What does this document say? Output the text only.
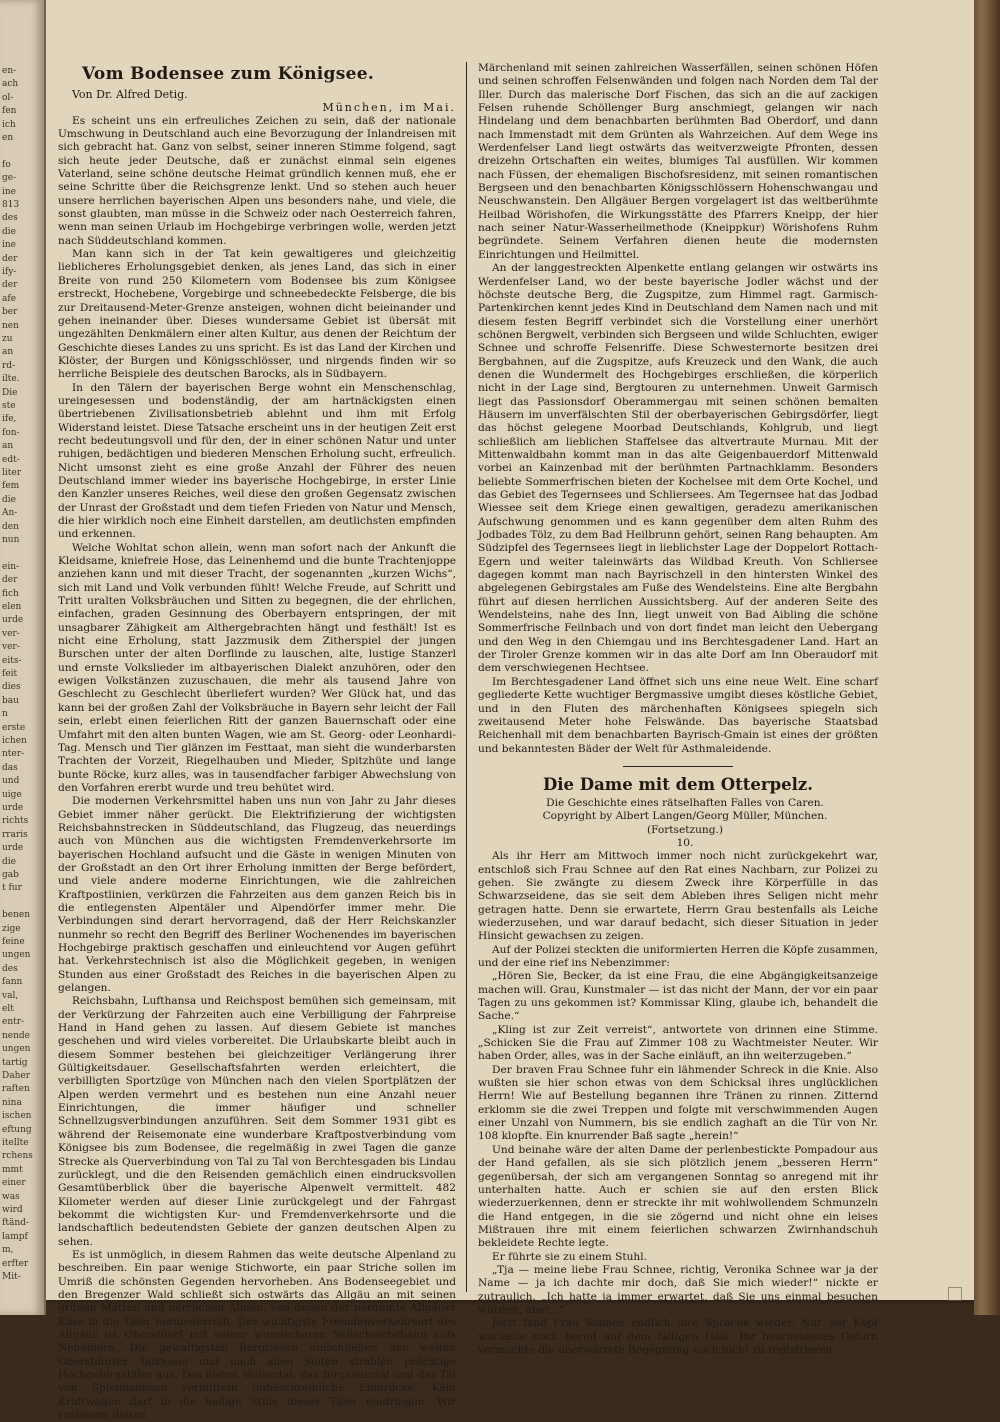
en-
ach
ol-
fen
ich
en
fo
ge-
ine
813
des
die
ine
der
ify-
der
afe
ber
nen
zu
an
rd-
ilte.
Die
ste
ife,
fon-
an
edt-
liter
fem
die
An-
den
nun
ein-
der
fich
elen
urde
ver-
ver-
eits-
feit
dies
bau
n
erste
ichen
nter-
das
und
uige
urde
richts
rraris
urde
die
gab
t fur
benen
zige
feine
ungen
des
fann
val,
elt
entr-
nende
ungen
tartig
Daher
raften
nina
ischen
eftung
itellte
rchens
mmt
einer
was
wird
ftänd-
lampf
m,
erfter
Mit-
Vom Bodensee zum Königsee.

Von Dr. Alfred Detig.

München, im Mai.

Es scheint uns ein erfreuliches Zeichen zu sein, daß der nationale Umschwung in Deutschland auch eine Bevorzugung der Inlandreisen mit sich gebracht hat. Ganz von selbst, seiner inneren Stimme folgend, sagt sich heute jeder Deutsche, daß er zunächst einmal sein eigenes Vaterland, seine schöne deutsche Heimat gründlich kennen muß, ehe er seine Schritte über die Reichsgrenze lenkt. Und so stehen auch heuer unsere herrlichen bayerischen Alpen uns besonders nahe, und viele, die sonst glaubten, man müsse in die Schweiz oder nach Oesterreich fahren, wenn man seinen Urlaub im Hochgebirge verbringen wolle, werden jetzt nach Süddeutschland kommen.

Man kann sich in der Tat kein gewaltigeres und gleichzeitig lieblicheres Erholungsgebiet denken, als jenes Land, das sich in einer Breite von rund 250 Kilometern vom Bodensee bis zum Königsee erstreckt, Hochebene, Vorgebirge und schneebedeckte Felsberge, die bis zur Dreitausend-Meter-Grenze ansteigen, wohnen dicht beieinander und gehen ineinander über. Dieses wundersame Gebiet ist übersät mit ungezählten Denkmälern einer alten Kultur, aus denen der Reichtum der Geschichte dieses Landes zu uns spricht. Es ist das Land der Kirchen und Klöster, der Burgen und Königsschlösser, und nirgends finden wir so herrliche Beispiele des deutschen Barocks, als in Südbayern.

In den Tälern der bayerischen Berge wohnt ein Menschenschlag, ureingesessen und bodenständig, der am hartnäckigsten einen übertriebenen Zivilisationsbetrieb ablehnt und ihm mit Erfolg Widerstand leistet. Diese Tatsache erscheint uns in der heutigen Zeit erst recht bedeutungsvoll und für den, der in einer schönen Natur und unter ruhigen, bedächtigen und biederen Menschen Erholung sucht, erfreulich. Nicht umsonst zieht es eine große Anzahl der Führer des neuen Deutschland immer wieder ins bayerische Hochgebirge, in erster Linie den Kanzler unseres Reiches, weil diese den großen Gegensatz zwischen der Unrast der Großstadt und dem tiefen Frieden von Natur und Mensch, die hier wirklich noch eine Einheit darstellen, am deutlichsten empfinden und erkennen.

Welche Wohltat schon allein, wenn man sofort nach der Ankunft die Kleidsame, kniefreie Hose, das Leinenhemd und die bunte Trachtenjoppe anziehen kann und mit dieser Tracht, der sogenannten „kurzen Wichs“, sich mit Land und Volk verbunden fühlt! Welche Freude, auf Schritt und Tritt uralten Volksbräuchen und Sitten zu begegnen, die der ehrlichen, einfachen, graden Gesinnung des Oberbayern entspringen, der mit unsagbarer Zähigkeit am Althergebrachten hängt und festhält! Ist es nicht eine Erholung, statt Jazzmusik dem Zitherspiel der jungen Burschen unter der alten Dorflinde zu lauschen, alte, lustige Stanzerl und ernste Volkslieder im altbayerischen Dialekt anzuhören, oder den ewigen Volkstänzen zuzuschauen, die mehr als tausend Jahre von Geschlecht zu Geschlecht überliefert wurden? Wer Glück hat, und das kann bei der großen Zahl der Volksbräuche in Bayern sehr leicht der Fall sein, erlebt einen feierlichen Ritt der ganzen Bauernschaft oder eine Umfahrt mit den alten bunten Wagen, wie am St. Georg- oder Leonhardi-Tag. Mensch und Tier glänzen im Festtaat, man sieht die wunderbarsten Trachten der Vorzeit, Riegelhauben und Mieder, Spitzhüte und lange bunte Röcke, kurz alles, was in tausendfacher farbiger Abwechslung von den Vorfahren ererbt wurde und treu behütet wird.

Die modernen Verkehrsmittel haben uns nun von Jahr zu Jahr dieses Gebiet immer näher gerückt. Die Elektrifizierung der wichtigsten Reichsbahnstrecken in Süddeutschland, das Flugzeug, das neuerdings auch von München aus die wichtigsten Fremdenverkehrsorte im bayerischen Hochland aufsucht und die Gäste in wenigen Minuten von der Großstadt an den Ort ihrer Erholung inmitten der Berge befördert, und viele andere moderne Einrichtungen, wie die zahlreichen Kraftpostlinien, verkürzen die Fahrzeiten aus dem ganzen Reich bis in die entlegensten Alpentäler und Alpendörfer immer mehr. Die Verbindungen sind derart hervorragend, daß der Herr Reichskanzler nunmehr so recht den Begriff des Berliner Wochenendes im bayerischen Hochgebirge praktisch geschaffen und einleuchtend vor Augen geführt hat. Verkehrstechnisch ist also die Möglichkeit gegeben, in wenigen Stunden aus einer Großstadt des Reiches in die bayerischen Alpen zu gelangen.

Reichsbahn, Lufthansa und Reichspost bemühen sich gemeinsam, mit der Verkürzung der Fahrzeiten auch eine Verbilligung der Fahrpreise Hand in Hand gehen zu lassen. Auf diesem Gebiete ist manches geschehen und wird vieles vorbereitet. Die Urlaubskarte bleibt auch in diesem Sommer bestehen bei gleichzeitiger Verlängerung ihrer Gültigkeitsdauer. Gesellschaftsfahrten werden erleichtert, die verbilligten Sportzüge von München nach den vielen Sportplätzen der Alpen werden vermehrt und es bestehen nun eine Anzahl neuer Einrichtungen, die immer häufiger und schneller Schnellzugsverbindungen anzuführen. Seit dem Sommer 1931 gibt es während der Reisemonate eine wunderbare Kraftpostverbindung vom Königsee bis zum Bodensee, die regelmäßig in zwei Tagen die ganze Strecke als Querverbindung von Tal zu Tal von Berchtesgaden bis Lindau zurücklegt, und die den Reisenden gemächlich einen eindrucksvollen Gesamtüberblick über die bayerische Alpenwelt vermittelt. 482 Kilometer werden auf dieser Linie zurückgelegt und der Fahrgast bekommt die wichtigsten Kur- und Fremdenverkehrsorte und die landschaftlich bedeutendsten Gebiete der ganzen deutschen Alpen zu sehen.

Es ist unmöglich, in diesem Rahmen das weite deutsche Alpenland zu beschreiben. Ein paar wenige Stichworte, ein paar Striche sollen im Umriß die schönsten Gegenden hervorheben. Ans Bodenseegebiet und den Bregenzer Wald schließt sich ostwärts das Allgäu an mit seinen grünen Matten und herrlichen Almen, von denen der berühmte Allgäuer Käse in die Täler herniederrollt. Der wichtigste Fremdenverkehrsort des Allgäus ist Oberstdorf mit seiner wunderbaren Seilschwebebahn aufs Nebelhorn. Die gewaltigsten Bergriesen umschließen den weiten Oberstdorfer Talkessel und nach allen Seiten strahlen prächtige Hochgebirgstäler aus. Das kleine Walsertal, das Birgsauertal und das Tal von Spielmannsau vermitteln unbeschreibliche Eindrücke. Kein Kraftwagen darf in die heilige Stille dieser Täler eindringen. Wir verlassen dieses

Märchenland mit seinen zahlreichen Wasserfällen, seinen schönen Höfen und seinen schroffen Felsenwänden und folgen nach Norden dem Tal der Iller. Durch das malerische Dorf Fischen, das sich an die auf zackigen Felsen ruhende Schöllenger Burg anschmiegt, gelangen wir nach Hindelang und dem benachbarten berühmten Bad Oberdorf, und dann nach Immenstadt mit dem Grünten als Wahrzeichen. Auf dem Wege ins Werdenfelser Land liegt ostwärts das weitverzweigte Pfronten, dessen dreizehn Ortschaften ein weites, blumiges Tal ausfüllen. Wir kommen nach Füssen, der ehemaligen Bischofsresidenz, mit seinen romantischen Bergseen und den benachbarten Königsschlössern Hohenschwangau und Neuschwanstein. Den Allgäuer Bergen vorgelagert ist das weltberühmte Heilbad Wörishofen, die Wirkungsstätte des Pfarrers Kneipp, der hier nach seiner Natur-Wasserheilmethode (Kneippkur) Wörishofens Ruhm begründete. Seinem Verfahren dienen heute die modernsten Einrichtungen und Heilmittel.

An der langgestreckten Alpenkette entlang gelangen wir ostwärts ins Werdenfelser Land, wo der beste bayerische Jodler wächst und der höchste deutsche Berg, die Zugspitze, zum Himmel ragt. Garmisch-Partenkirchen kennt jedes Kind in Deutschland dem Namen nach und mit diesem festen Begriff verbindet sich die Vorstellung einer unerhört schönen Bergwelt, verbinden sich Bergseen und wilde Schluchten, ewiger Schnee und schroffe Felsenriffe. Diese Schwesternorte besitzen drei Bergbahnen, auf die Zugspitze, aufs Kreuzeck und den Wank, die auch denen die Wundermelt des Hochgebirges erschließen, die körperlich nicht in der Lage sind, Bergtouren zu unternehmen. Unweit Garmisch liegt das Passionsdorf Oberammergau mit seinen schönen bemalten Häusern im unverfälschten Stil der oberbayerischen Gebirgsdörfer, liegt das höchst gelegene Moorbad Deutschlands, Kohlgrub, und liegt schließlich am lieblichen Staffelsee das altvertraute Murnau. Mit der Mittenwaldbahn kommt man in das alte Geigenbauerdorf Mittenwald vorbei an Kainzenbad mit der berühmten Partnachklamm. Besonders beliebte Sommerfrischen bieten der Kochelsee mit dem Orte Kochel, und das Gebiet des Tegernsees und Schliersees. Am Tegernsee hat das Jodbad Wiessee seit dem Kriege einen gewaltigen, geradezu amerikanischen Aufschwung genommen und es kann gegenüber dem alten Ruhm des Jodbades Tölz, zu dem Bad Heilbrunn gehört, seinen Rang behaupten. Am Südzipfel des Tegernsees liegt in lieblichster Lage der Doppelort Rottach-Egern und weiter taleinwärts das Wildbad Kreuth. Von Schliersee dagegen kommt man nach Bayrischzell in den hintersten Winkel des abgelegenen Gebirgstales am Fuße des Wendelsteins. Eine alte Bergbahn führt auf diesen herrlichen Aussichtsberg. Auf der anderen Seite des Wendelsteins, nahe des Inn, liegt unweit von Bad Aibling die schöne Sommerfrische Feilnbach und von dort findet man leicht den Uebergang und den Weg in den Chiemgau und ins Berchtesgadener Land. Hart an der Tiroler Grenze kommen wir in das alte Dorf am Inn Oberaudorf mit dem verschwiegenen Hechtsee.

Im Berchtesgadener Land öffnet sich uns eine neue Welt. Eine scharf gegliederte Kette wuchtiger Bergmassive umgibt dieses köstliche Gebiet, und in den Fluten des märchenhaften Königsees spiegeln sich zweitausend Meter hohe Felswände. Das bayerische Staatsbad Reichenhall mit dem benachbarten Bayrisch-Gmain ist eines der größten und bekanntesten Bäder der Welt für Asthmaleidende.

Die Dame mit dem Otterpelz.

Die Geschichte eines rätselhaften Falles von Caren.

Copyright by Albert Langen/Georg Müller, München.

(Fortsetzung.)

10.

Als ihr Herr am Mittwoch immer noch nicht zurückgekehrt war, entschloß sich Frau Schnee auf den Rat eines Nachbarn, zur Polizei zu gehen. Sie zwängte zu diesem Zweck ihre Körperfülle in das Schwarzseidene, das sie seit dem Ableben ihres Seligen nicht mehr getragen hatte. Denn sie erwartete, Herrn Grau bestenfalls als Leiche wiederzusehen, und war darauf bedacht, sich dieser Situation in jeder Hinsicht gewachsen zu zeigen.

Auf der Polizei steckten die uniformierten Herren die Köpfe zusammen, und der eine rief ins Nebenzimmer:

„Hören Sie, Becker, da ist eine Frau, die eine Abgängigkeitsanzeige machen will. Grau, Kunstmaler — ist das nicht der Mann, der vor ein paar Tagen zu uns gekommen ist? Kommissar Kling, glaube ich, behandelt die Sache.“

„Kling ist zur Zeit verreist“, antwortete von drinnen eine Stimme. „Schicken Sie die Frau auf Zimmer 108 zu Wachtmeister Neuter. Wir haben Order, alles, was in der Sache einläuft, an ihn weiterzugeben.“

Der braven Frau Schnee fuhr ein lähmender Schreck in die Knie. Also wußten sie hier schon etwas von dem Schicksal ihres unglücklichen Herrn! Wie auf Bestellung begannen ihre Tränen zu rinnen. Zitternd erklomm sie die zwei Treppen und folgte mit verschwimmenden Augen einer Unzahl von Nummern, bis sie endlich zaghaft an die Tür von Nr. 108 klopfte. Ein knurrender Baß sagte „herein!“

Und beinahe wäre der alten Dame der perlenbestickte Pompadour aus der Hand gefallen, als sie sich plötzlich jenem „besseren Herrn“ gegenübersah, der sich am vergangenen Sonntag so anregend mit ihr unterhalten hatte. Auch er schien sie auf den ersten Blick wiederzuerkennen, denn er streckte ihr mit wohlwollendem Schmunzeln die Hand entgegen, in die sie zögernd und nicht ohne ein leises Mißtrauen ihre mit einem feierlichen schwarzen Zwirnhandschuh bekleidete Rechte legte.

Er führte sie zu einem Stuhl.

„Tja — meine liebe Frau Schnee, richtig, Veronika Schnee war ja der Name — ja ich dachte mir doch, daß Sie mich wieder!“ nickte er zutraulich. „Ich hatte ja immer erwartet, daß Sie uns einmal besuchen würden, aber...“

Jetzt fand Frau Schnee endlich ihre Sprache wieder. Nur der Kopf wackelte noch bereit auf dem faltigen Hals. Ihr bescheidenes Gehirn vermochte die unerwartete Begegnung noch nicht zu registrieren.
